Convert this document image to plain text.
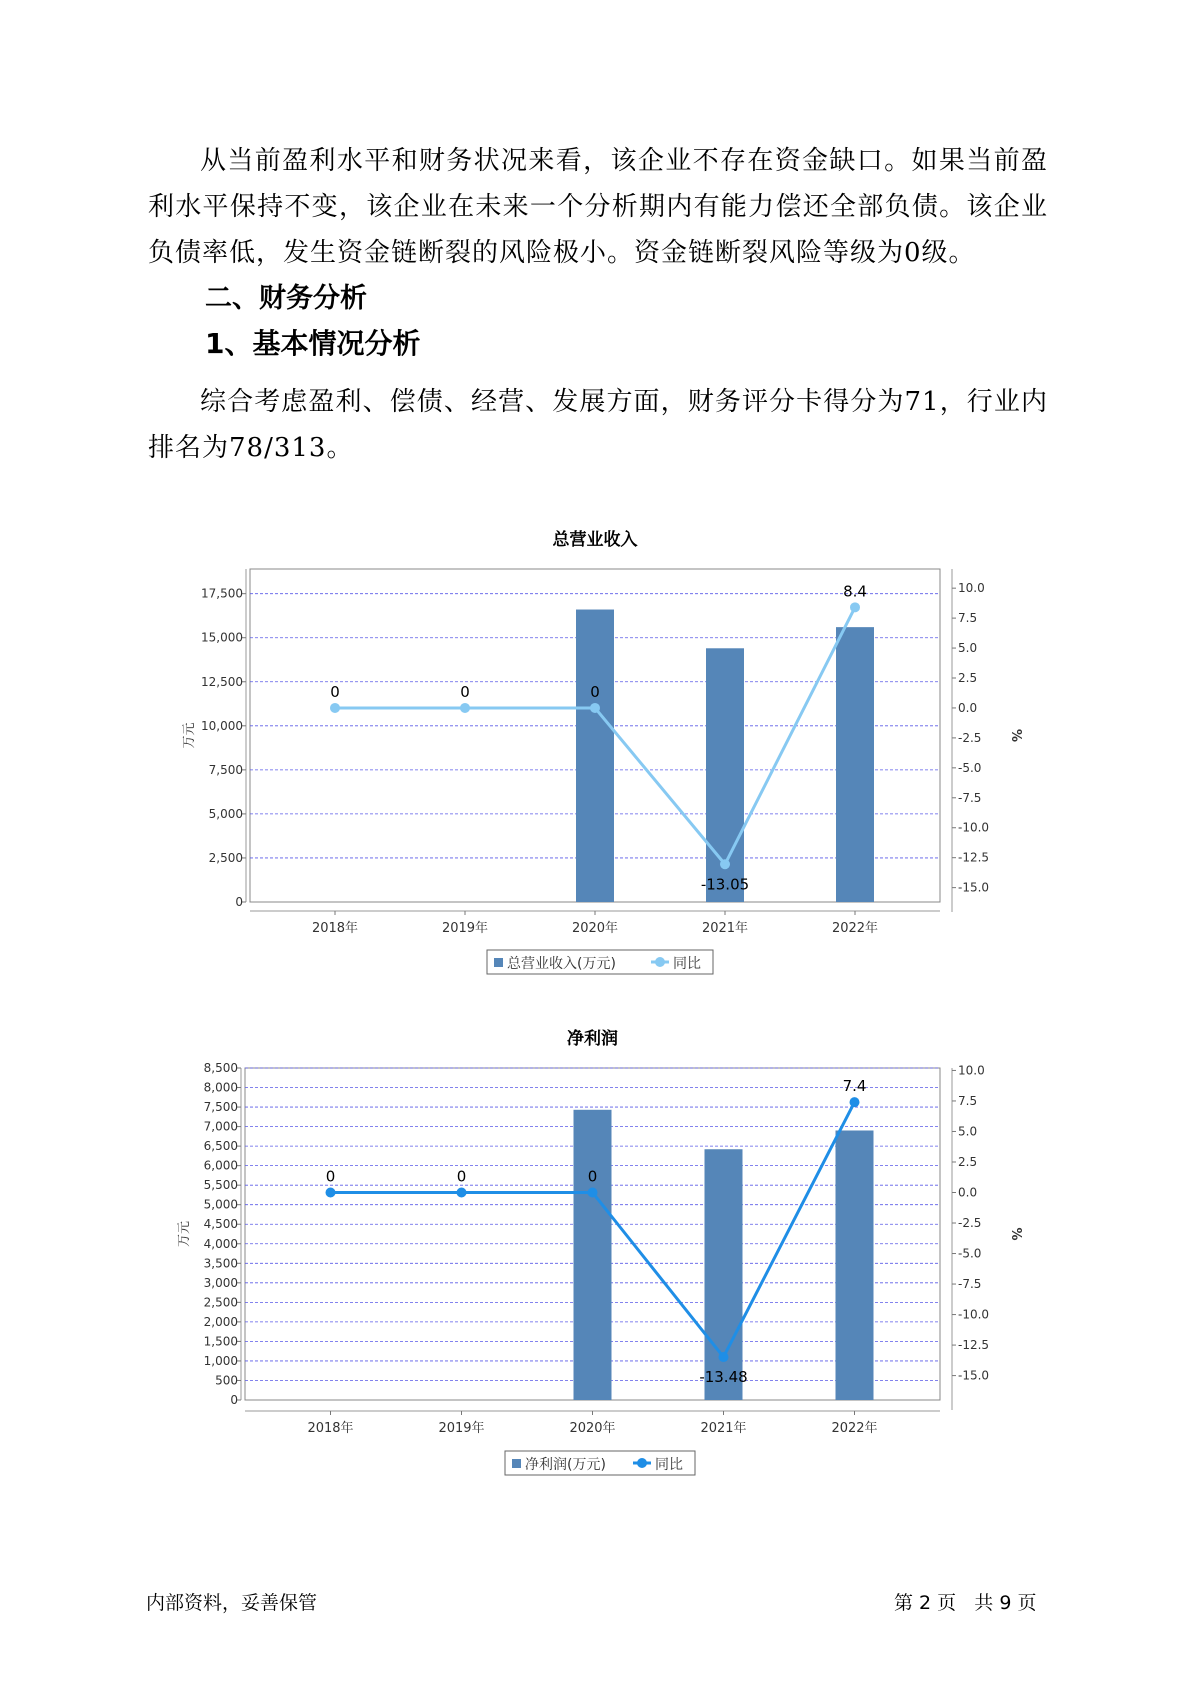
从当前盈利水平和财务状况来看，该企业不存在资金缺口。如果当前盈利水平保持不变，该企业在未来一个分析期内有能力偿还全部负债。该企业负债率低，发生资金链断裂的风险极小。资金链断裂风险等级为0级。

二、财务分析
1、基本情况分析

综合考虑盈利、偿债、经营、发展方面，财务评分卡得分为71，行业内排名为78/313。

总营业收入
0
2,500
5,000
7,500
10,000
12,500
15,000
17,500	10.0
7.5
5.0
2.5
0.0
-2.5
-5.0
-7.5
-10.0
-12.5
-15.0
万元	%
2018年	2019年	2020年	2021年	2022年
0	0	0
-13.05
8.4
总营业收入(万元)	同比
净利润
0
500
1,000
1,500
2,000
2,500
3,000
3,500
4,000
4,500
5,000
5,500
6,000
6,500
7,000
7,500
8,000
8,500	10.0
7.5
5.0
2.5
0.0
-2.5
-5.0
-7.5
-10.0
-12.5
-15.0
万元	%
2018年	2019年	2020年	2021年	2022年
0	0	0
-13.48
7.4
净利润(万元)	同比
内部资料，妥善保管	第 2 页   共 9 页
